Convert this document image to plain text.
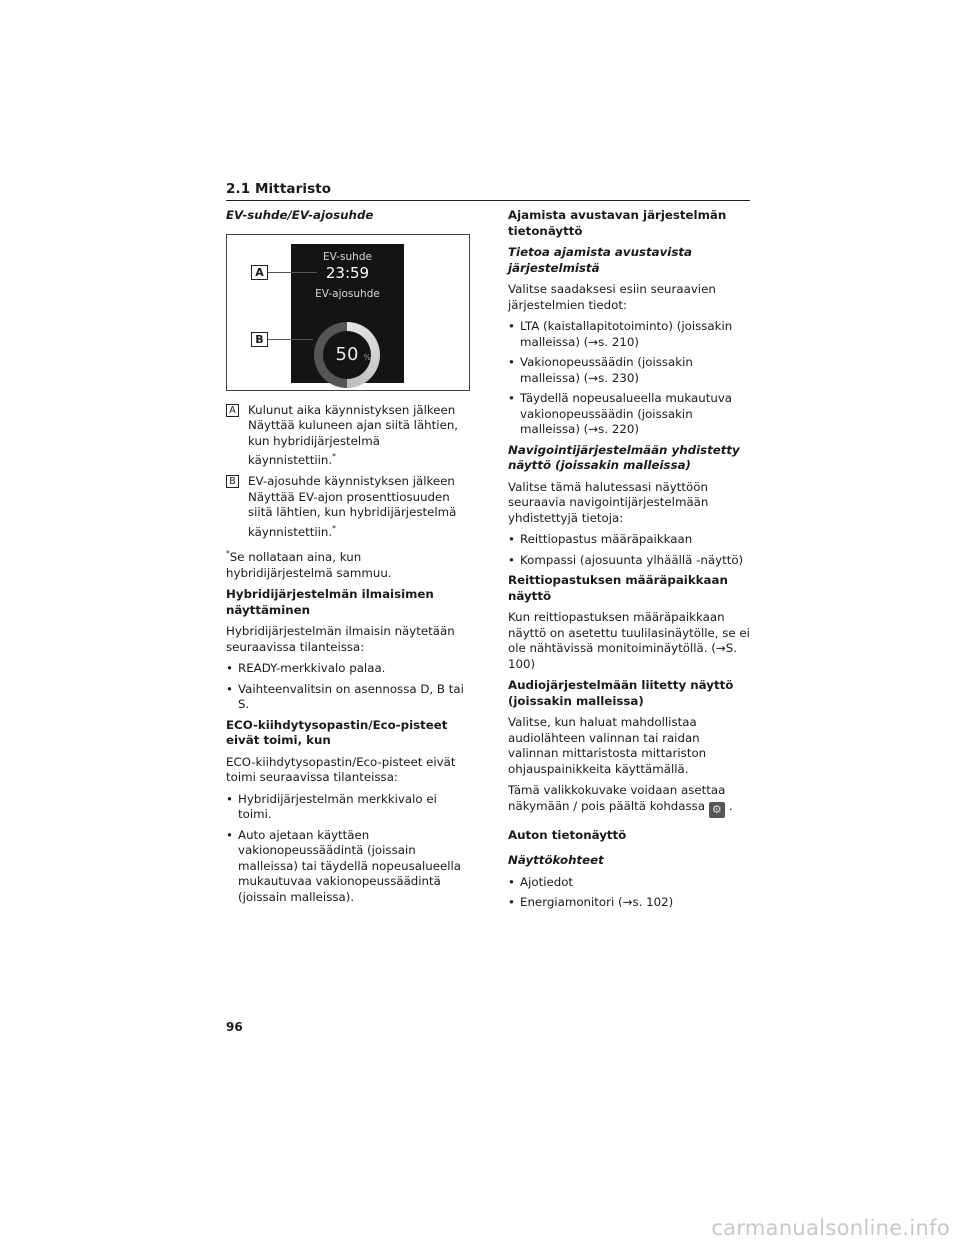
2.1 Mittaristo
EV-suhde/EV-ajosuhde
EV-suhde
23:59
EV-ajosuhde
50 %
A
B
A Kulunut aika käynnistyksen jälkeen
Näyttää kuluneen ajan siitä lähtien, kun hybridijärjestelmä käynnistettiin.*
B EV-ajosuhde käynnistyksen jälkeen
Näyttää EV-ajon prosenttiosuuden siitä lähtien, kun hybridijärjestelmä käynnistettiin.*
*Se nollataan aina, kun hybridijärjestelmä sammuu.
Hybridijärjestelmän ilmaisimen näyttäminen
Hybridijärjestelmän ilmaisin näytetään seuraavissa tilanteissa:
• READY-merkkivalo palaa.
• Vaihteenvalitsin on asennossa D, B tai S.
ECO-kiihdytysopastin/Eco-pisteet eivät toimi, kun
ECO-kiihdytysopastin/Eco-pisteet eivät toimi seuraavissa tilanteissa:
• Hybridijärjestelmän merkkivalo ei toimi.
• Auto ajetaan käyttäen vakionopeussäädintä (joissain malleissa) tai täydellä nopeusalueella mukautuvaa vakionopeussäädintä (joissain malleissa).
Ajamista avustavan järjestelmän tietonäyttö
Tietoa ajamista avustavista järjestelmistä
Valitse saadaksesi esiin seuraavien järjestelmien tiedot:
• LTA (kaistallapitotoiminto) (joissakin malleissa) (→s. 210)
• Vakionopeussäädin (joissakin malleissa) (→s. 230)
• Täydellä nopeusalueella mukautuva vakionopeussäädin (joissakin malleissa) (→s. 220)
Navigointijärjestelmään yhdistetty näyttö (joissakin malleissa)
Valitse tämä halutessasi näyttöön seuraavia navigointijärjestelmään yhdistettyjä tietoja:
• Reittiopastus määräpaikkaan
• Kompassi (ajosuunta ylhäällä -näyttö)
Reittiopastuksen määräpaikkaan näyttö
Kun reittiopastuksen määräpaikkaan näyttö on asetettu tuulilasinäytölle, se ei ole nähtävissä monitoiminäytöllä. (→S. 100)
Audiojärjestelmään liitetty näyttö (joissakin malleissa)
Valitse, kun haluat mahdollistaa audiolähteen valinnan tai raidan valinnan mittaristosta mittariston ohjauspainikkeita käyttämällä.
Tämä valikkokuvake voidaan asettaa näkymään / pois päältä kohdassa ⚙ .
Auton tietonäyttö
Näyttökohteet
• Ajotiedot
• Energiamonitori (→s. 102)
96
carmanualsonline.info
